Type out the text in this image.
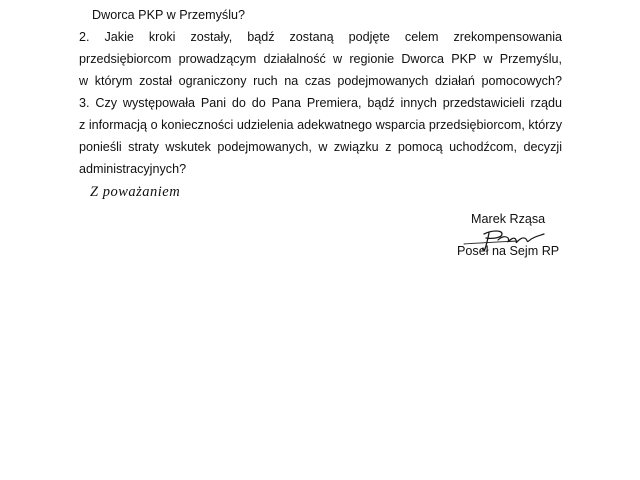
Dworca PKP w Przemyślu?
2. Jakie kroki zostały, bądź zostaną podjęte celem zrekompensowania
przedsiębiorcom prowadzącym działalność w regionie Dworca PKP w Przemyślu,
w którym został ograniczony ruch na czas podejmowanych działań pomocowych?
3. Czy występowała Pani do do Pana Premiera, bądź innych przedstawicieli rządu
z informacją o konieczności udzielenia adekwatnego wsparcia przedsiębiorcom, którzy
ponieśli straty wskutek podejmowanych, w związku z pomocą uchodźcom, decyzji
administracyjnych?
Z poważaniem
Marek Rząsa
Poseł na Sejm RP
